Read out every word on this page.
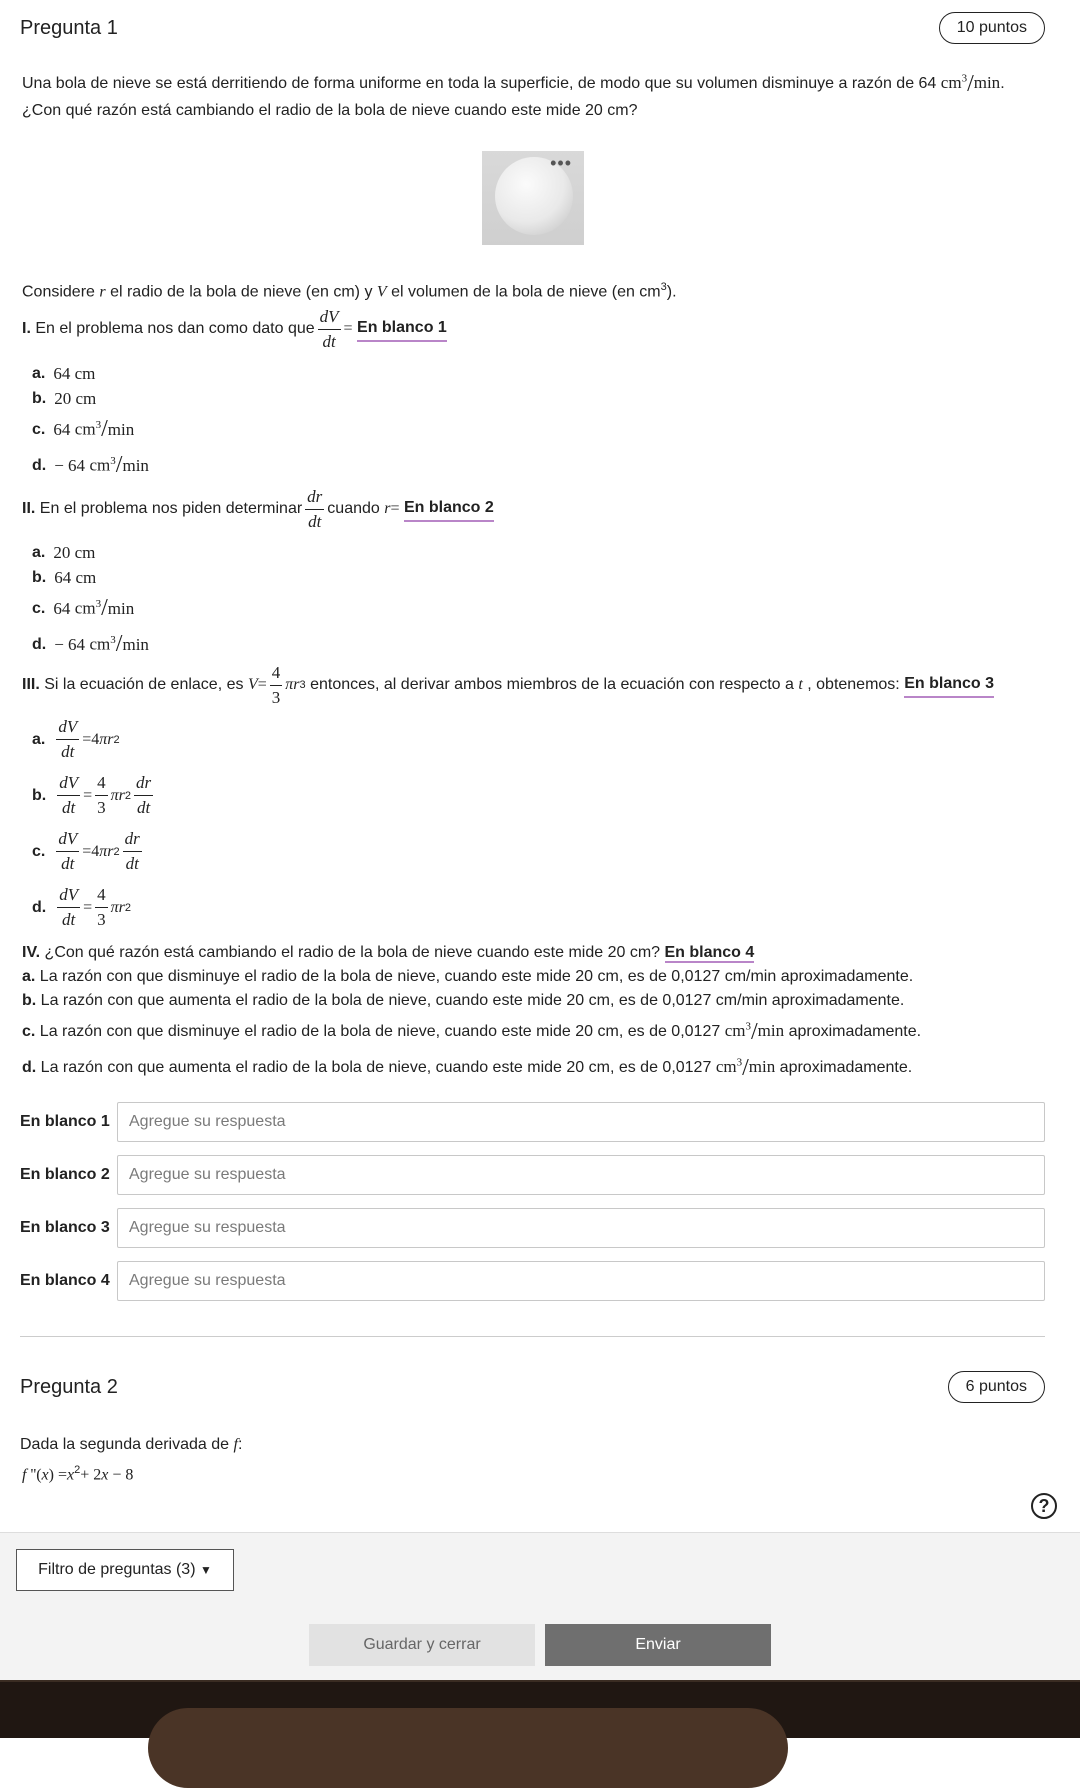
Pregunta 1	10 puntos
Una bola de nieve se está derritiendo de forma uniforme en toda la superficie, de modo que su volumen disminuye a razón de 64 $cm^3/\min$.
¿Con qué razón está cambiando el radio de la bola de nieve cuando este mide 20 cm?
•••
Considere r el radio de la bola de nieve (en cm) y V el volumen de la bola de nieve (en $cm^3$).
I.
En el problema nos dan como dato que $\frac{dV}{dt}$ =
En blanco 1
a. 64 cm
b. 20 cm
c. 64
$cm^3$ / min
d. − 64
$cm^3$ / min
II.
En el problema nos piden determinar $\frac{dr}{dt}$ cuando
r =
En blanco 2
a. 20 cm
b. 64 cm
c. 64
$cm^3$ / min
d. − 64
$cm^3$ / min
III.
Si la ecuación de enlace, es
$V = \frac{4}{3}$ πr 3
entonces, al derivar ambos miembros de la ecuación con respecto a
t
, obtenemos:
En blanco 3
a. $\frac{dV}{dt} =4$ πr 2
b. $\frac{dV}{dt} = \frac{4}{3}$ πr $2 \frac{dr}{dt}$
c. $\frac{dV}{dt} =4$ πr $2 \frac{dr}{dt}$
d. $\frac{dV}{dt} = \frac{4}{3}$ πr 2
IV. ¿Con qué razón está cambiando el radio de la bola de nieve cuando este mide 20 cm? En blanco 4
a. La razón con que disminuye el radio de la bola de nieve, cuando este mide 20 cm, es de 0,0127 cm/min aproximadamente.
b. La razón con que aumenta el radio de la bola de nieve, cuando este mide 20 cm, es de 0,0127 cm/min aproximadamente.
c. La razón con que disminuye el radio de la bola de nieve, cuando este mide 20 cm, es de 0,0127 $cm^3/\min$ aproximadamente.
d. La razón con que aumenta el radio de la bola de nieve, cuando este mide 20 cm, es de 0,0127 $cm^3/\min$ aproximadamente.
En blanco 1
Agregue su respuesta
En blanco 2
Agregue su respuesta
En blanco 3
Agregue su respuesta
En blanco 4
Agregue su respuesta
Pregunta 2	6 puntos
Dada la segunda derivada de f:
f ''$(x) =x^2+ 2x - 8$
?
Filtro de preguntas (3)
▼
Guardar y cerrar	Enviar
